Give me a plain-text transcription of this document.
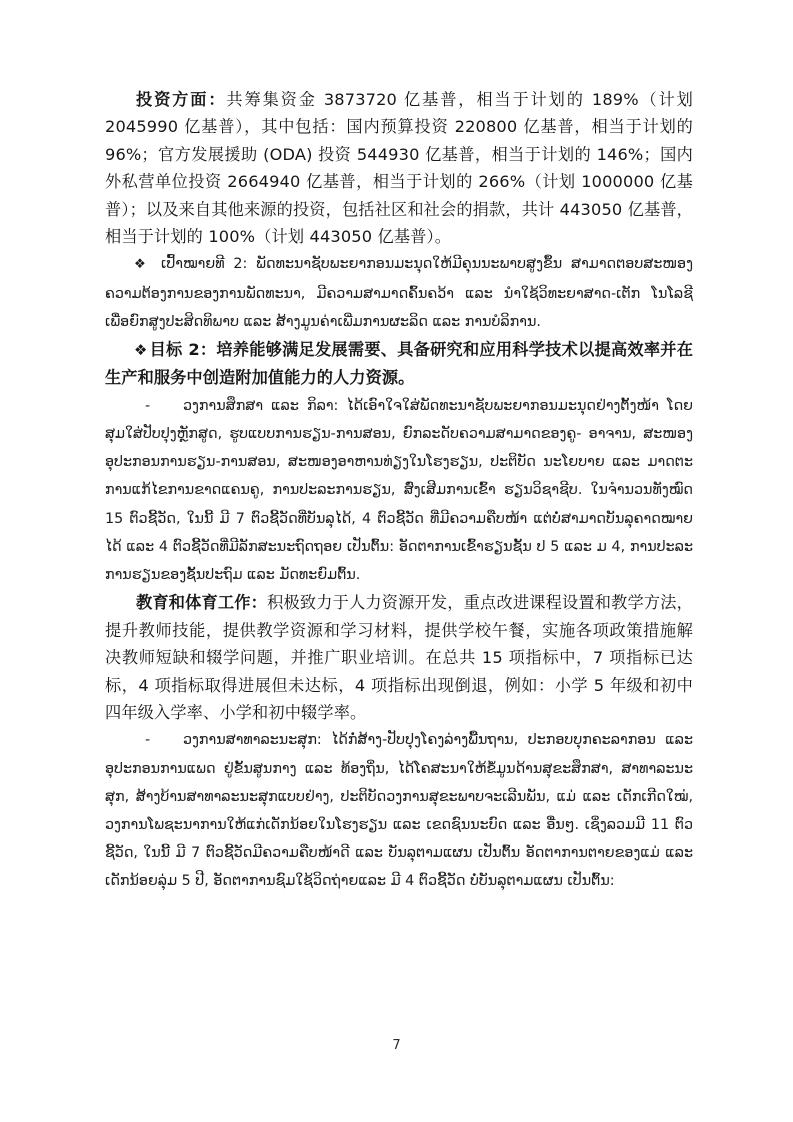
投资方面：共筹集资金 3873720 亿基普，相当于计划的 189%（计划 2045990 亿基普），其中包括：国内预算投资 220800 亿基普，相当于计划的 96%；官方发展援助 (ODA) 投资 544930 亿基普，相当于计划的 146%；国内外私营单位投资 2664940 亿基普，相当于计划的 266%（计划 1000000 亿基普）；以及来自其他来源的投资，包括社区和社会的捐款，共计 443050 亿基普，相当于计划的 100%（计划 443050 亿基普）。

❖ ເປົ້າໝາຍທີ 2: ພັດທະນາຊັບພະຍາກອນມະນຸດໃຫ້ມີຄຸນນະພາບສູງຂຶ້ນ ສາມາດຕອບສະໜອງຄວາມຕ້ອງການຂອງການພັດທະນາ, ມີຄວາມສາມາດຄົ້ນຄວ້າ ແລະ ນຳໃຊ້ວິທະຍາສາດ-ເຕັກ ໂນໂລຊີ ເພື່ອຍົກສູງປະສິດທິພາບ ແລະ ສ້າງມູນຄ່າເພີ່ມການຜະລິດ ແລະ ການບໍລິການ.

❖ 目标 2：培养能够满足发展需要、具备研究和应用科学技术以提高效率并在生产和服务中创造附加值能力的人力资源。

- ວງການສຶກສາ ແລະ ກິລາ: ໄດ້ເອົາໃຈໃສ່ພັດທະນາຊັບພະຍາກອນມະນຸດຢ່າງຕັ້ງໜ້າ ໂດຍສຸມໃສ່ປັບປຸງຫຼັກສູດ, ຮູບແບບການຮຽນ-ການສອນ, ຍົກລະດັບຄວາມສາມາດຂອງຄູ- ອາຈານ, ສະໜອງອຸປະກອນການຮຽນ-ການສອນ, ສະໜອງອາຫານທ່ຽງໃນໂຮງຮຽນ, ປະຕິບັດ ນະໂຍບາຍ ແລະ ມາດຕະການແກ້ໄຂການຂາດແຄນຄູ, ການປະລະການຮຽນ, ສົ່ງເສີມການເຂົ້າ ຮຽນວິຊາຊີບ. ໃນຈຳນວນທັງໝົດ 15 ຕົວຊີ້ວັດ, ໃນນີ້ ມີ 7 ຕົວຊີ້ວັດທີ່ບັນລຸໄດ້, 4 ຕົວຊີ້ວັດ ທີ່ມີຄວາມຄືບໜ້າ ແຕ່ບໍ່ສາມາດບັນລຸຄາດໝາຍໄດ້ ແລະ 4 ຕົວຊີ້ວັດທີ່ມີລັກສະນະຖົດຖອຍ ເປັນຕົ້ນ: ອັດຕາການເຂົ້າຮຽນຊັ້ນ ປ 5 ແລະ ມ 4, ການປະລະການຮຽນຂອງຊັ້ນປະຖົມ ແລະ ມັດທະຍົມຕົ້ນ.

教育和体育工作：积极致力于人力资源开发，重点改进课程设置和教学方法，提升教师技能，提供教学资源和学习材料，提供学校午餐，实施各项政策措施解决教师短缺和辍学问题，并推广职业培训。在总共 15 项指标中，7 项指标已达标，4 项指标取得进展但未达标，4 项指标出现倒退，例如：小学 5 年级和初中四年级入学率、小学和初中辍学率。

- ວງການສາທາລະນະສຸກ: ໄດ້ກໍ່ສ້າງ-ປັບປຸງໂຄງລ່າງພື້ນຖານ, ປະກອບບຸກຄະລາກອນ ແລະ ອຸປະກອນການແພດ ຢູ່ຂັ້ນສູນກາງ ແລະ ທ້ອງຖິ່ນ, ໄດ້ໂຄສະນາໃຫ້ຂໍ້ມູນດ້ານສຸຂະສຶກສາ, ສາທາລະນະສຸກ, ສ້າງບ້ານສາທາລະນະສຸກແບບຢ່າງ, ປະຕິບັດວງການສຸຂະພາບຈະເລີນພັນ, ແມ່ ແລະ ເດັກເກີດໃໝ່, ວງການໂພຊະນາການໃຫ້ແກ່ເດັກນ້ອຍໃນໂຮງຮຽນ ແລະ ເຂດຊົນນະບົດ ແລະ ອື່ນໆ. ເຊິ່ງລວມມີ 11 ຕົວຊີ້ວັດ, ໃນນີ້ ມີ 7 ຕົວຊີ້ວັດມີຄວາມຄືບໜ້າດີ ແລະ ບັນລຸຕາມແຜນ ເປັນຕົ້ນ ອັດຕາການຕາຍຂອງແມ່ ແລະ ເດັກນ້ອຍລຸ່ມ 5 ປີ, ອັດຕາການຊົມໃຊ້ວິດຖ່າຍແລະ ມີ 4 ຕົວຊີ້ວັດ ບໍ່ບັນລຸຕາມແຜນ ເປັນຕົ້ນ:

7
